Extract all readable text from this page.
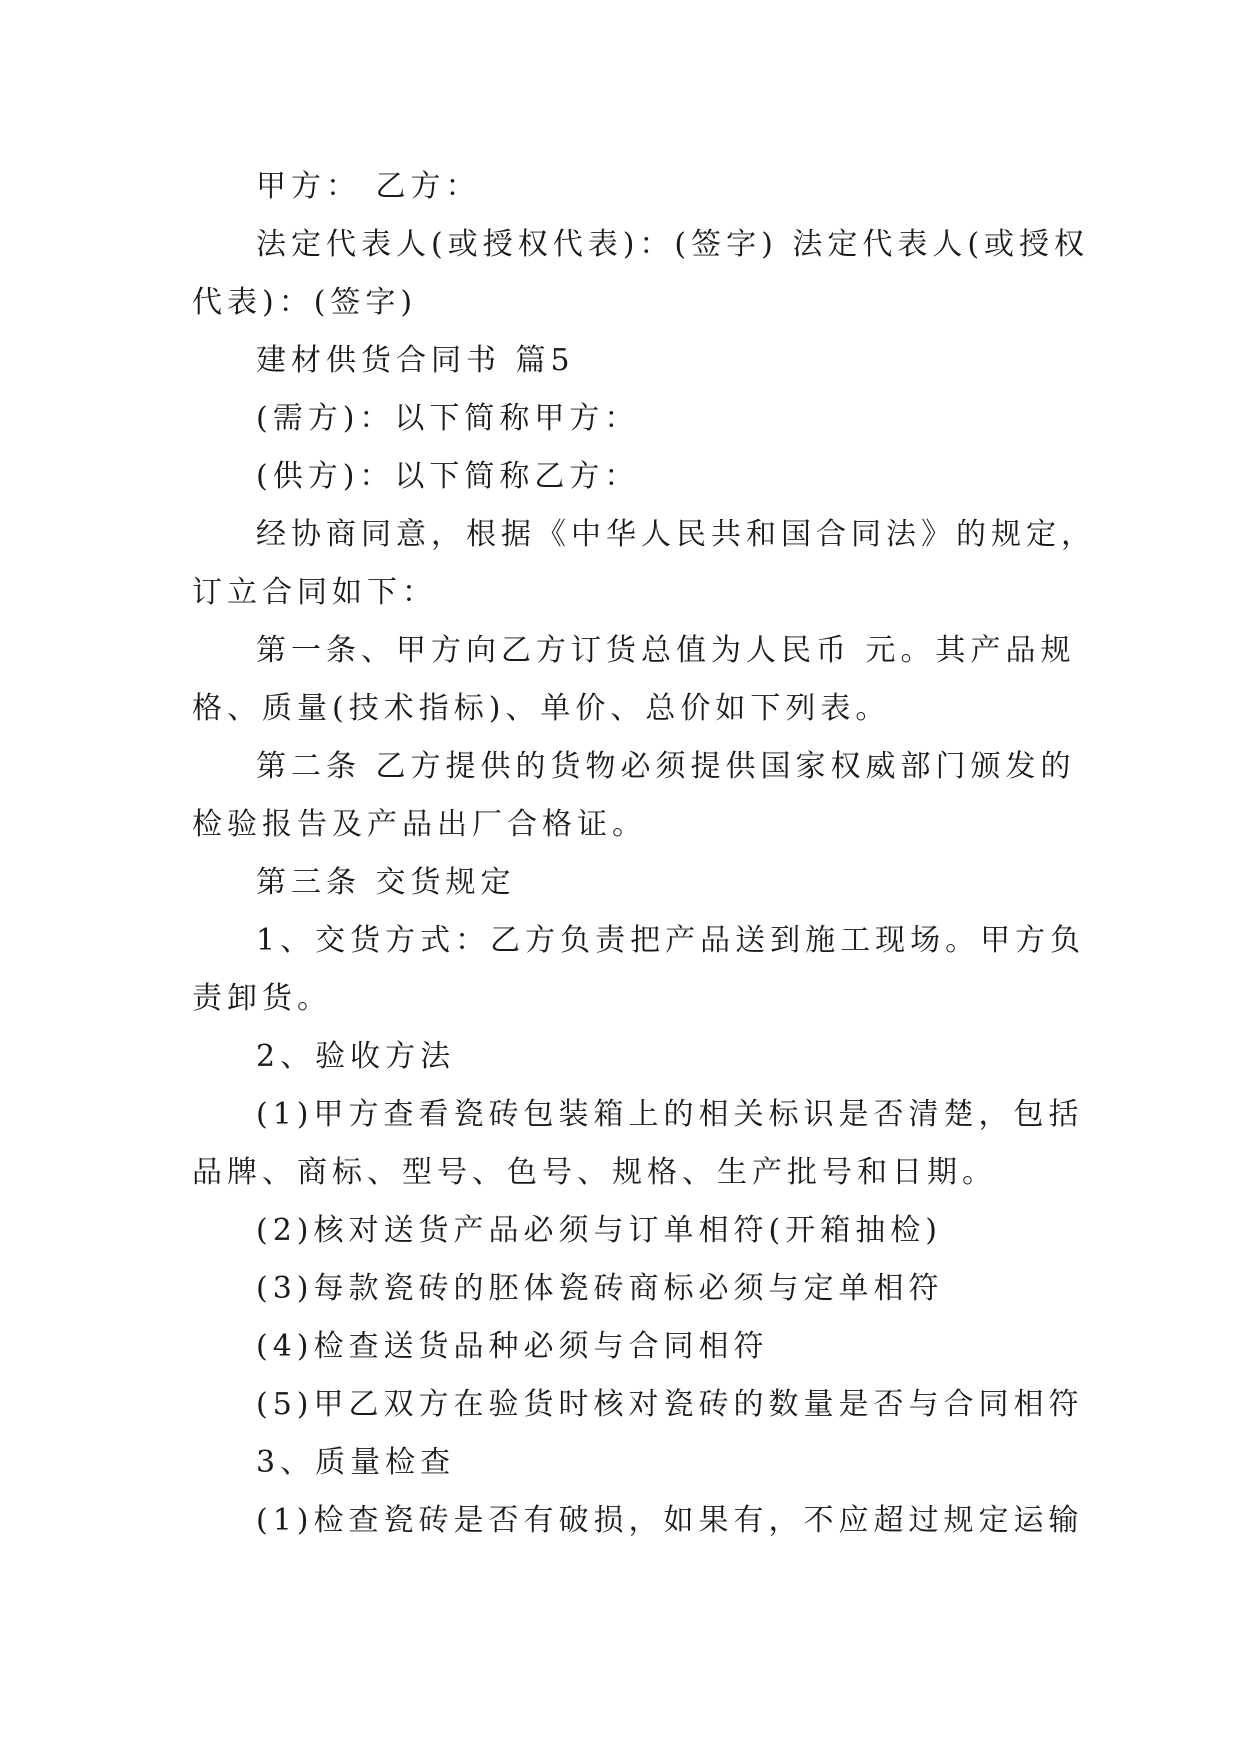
甲方： 乙方：
法定代表人(或授权代表)：(签字) 法定代表人(或授权
代表)：(签字)
建材供货合同书 篇5
(需方)：以下简称甲方：
(供方)：以下简称乙方：
经协商同意，根据《中华人民共和国合同法》的规定，
订立合同如下：
第一条、甲方向乙方订货总值为人民币 元。其产品规
格、质量(技术指标)、单价、总价如下列表。
第二条 乙方提供的货物必须提供国家权威部门颁发的
检验报告及产品出厂合格证。
第三条 交货规定
1、交货方式：乙方负责把产品送到施工现场。甲方负
责卸货。
2、验收方法
(1)甲方查看瓷砖包装箱上的相关标识是否清楚，包括
品牌、商标、型号、色号、规格、生产批号和日期。
(2)核对送货产品必须与订单相符(开箱抽检)
(3)每款瓷砖的胚体瓷砖商标必须与定单相符
(4)检查送货品种必须与合同相符
(5)甲乙双方在验货时核对瓷砖的数量是否与合同相符
3、质量检查
(1)检查瓷砖是否有破损，如果有，不应超过规定运输
